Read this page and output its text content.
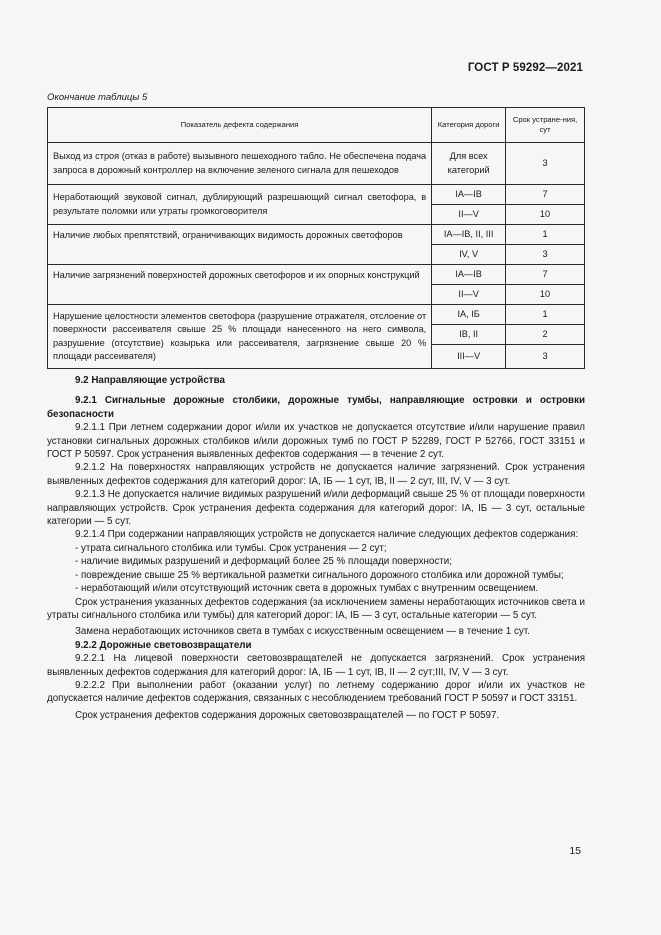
ГОСТ Р 59292—2021
Окончание таблицы 5
Показатель дефекта содержания	Категория дороги	Срок устране-ния, сут
Выход из строя (отказ в работе) вызывного пешеходного табло. Не обеспечена подача запроса в дорожный контроллер на включение зеленого сигнала для пешеходов	Для всех категорий	3
Неработающий звуковой сигнал, дублирующий разрешающий сигнал светофора, в результате поломки или утраты громкоговорителя	IA—IB	7
	II—V	10
Наличие любых препятствий, ограничивающих видимость дорожных светофоров	IA—IB, II, III	1
	IV, V	3
Наличие загрязнений поверхностей дорожных светофоров и их опорных конструкций	IA—IB	7
	II—V	10
Нарушение целостности элементов светофора (разрушение отражателя, отслоение от поверхности рассеивателя свыше 25 % площади нанесенного на него символа, разрушение (отсутствие) козырька или рассеивателя, загрязнение свыше 20 % площади рассеивателя)	IA, IБ	1
	IB, II	2
	III—V	3

9.2 Направляющие устройства

9.2.1 Сигнальные дорожные столбики, дорожные тумбы, направляющие островки и островки безопасности

9.2.1.1 При летнем содержании дорог и/или их участков не допускается отсутствие и/или нарушение правил установки сигнальных дорожных столбиков и/или дорожных тумб по ГОСТ Р 52289, ГОСТ Р 52766, ГОСТ 33151 и ГОСТ Р 50597. Срок устранения выявленных дефектов содержания — в течение 2 сут.

9.2.1.2 На поверхностях направляющих устройств не допускается наличие загрязнений. Срок устранения выявленных дефектов содержания для категорий дорог: IA, IБ — 1 сут, IB, II — 2 сут, III, IV, V — 3 сут.

9.2.1.3 Не допускается наличие видимых разрушений и/или деформаций свыше 25 % от площади поверхности направляющих устройств. Срок устранения дефекта содержания для категорий дорог: IA, IБ — 3 сут, остальные категории — 5 сут.

9.2.1.4 При содержании направляющих устройств не допускается наличие следующих дефектов содержания:

- утрата сигнального столбика или тумбы. Срок устранения — 2 сут;

- наличие видимых разрушений и деформаций более 25 % площади поверхности;

- повреждение свыше 25 % вертикальной разметки сигнального дорожного столбика или дорожной тумбы;

- неработающий и/или отсутствующий источник света в дорожных тумбах с внутренним освещением.

Срок устранения указанных дефектов содержания (за исключением замены неработающих источников света и утраты сигнального столбика или тумбы) для категорий дорог: IA, IБ — 3 сут, остальные категории — 5 сут.

Замена неработающих источников света в тумбах с искусственным освещением — в течение 1 сут.

9.2.2 Дорожные световозвращатели

9.2.2.1 На лицевой поверхности световозвращателей не допускается загрязнений. Срок устранения выявленных дефектов содержания для категорий дорог: IA, IБ — 1 сут, IB, II — 2 сут;III, IV, V — 3 сут.

9.2.2.2 При выполнении работ (оказании услуг) по летнему содержанию дорог и/или их участков не допускается наличие дефектов содержания, связанных с несоблюдением требований ГОСТ Р 50597 и ГОСТ 33151.

Срок устранения дефектов содержания дорожных световозвращателей — по ГОСТ Р 50597.

15
